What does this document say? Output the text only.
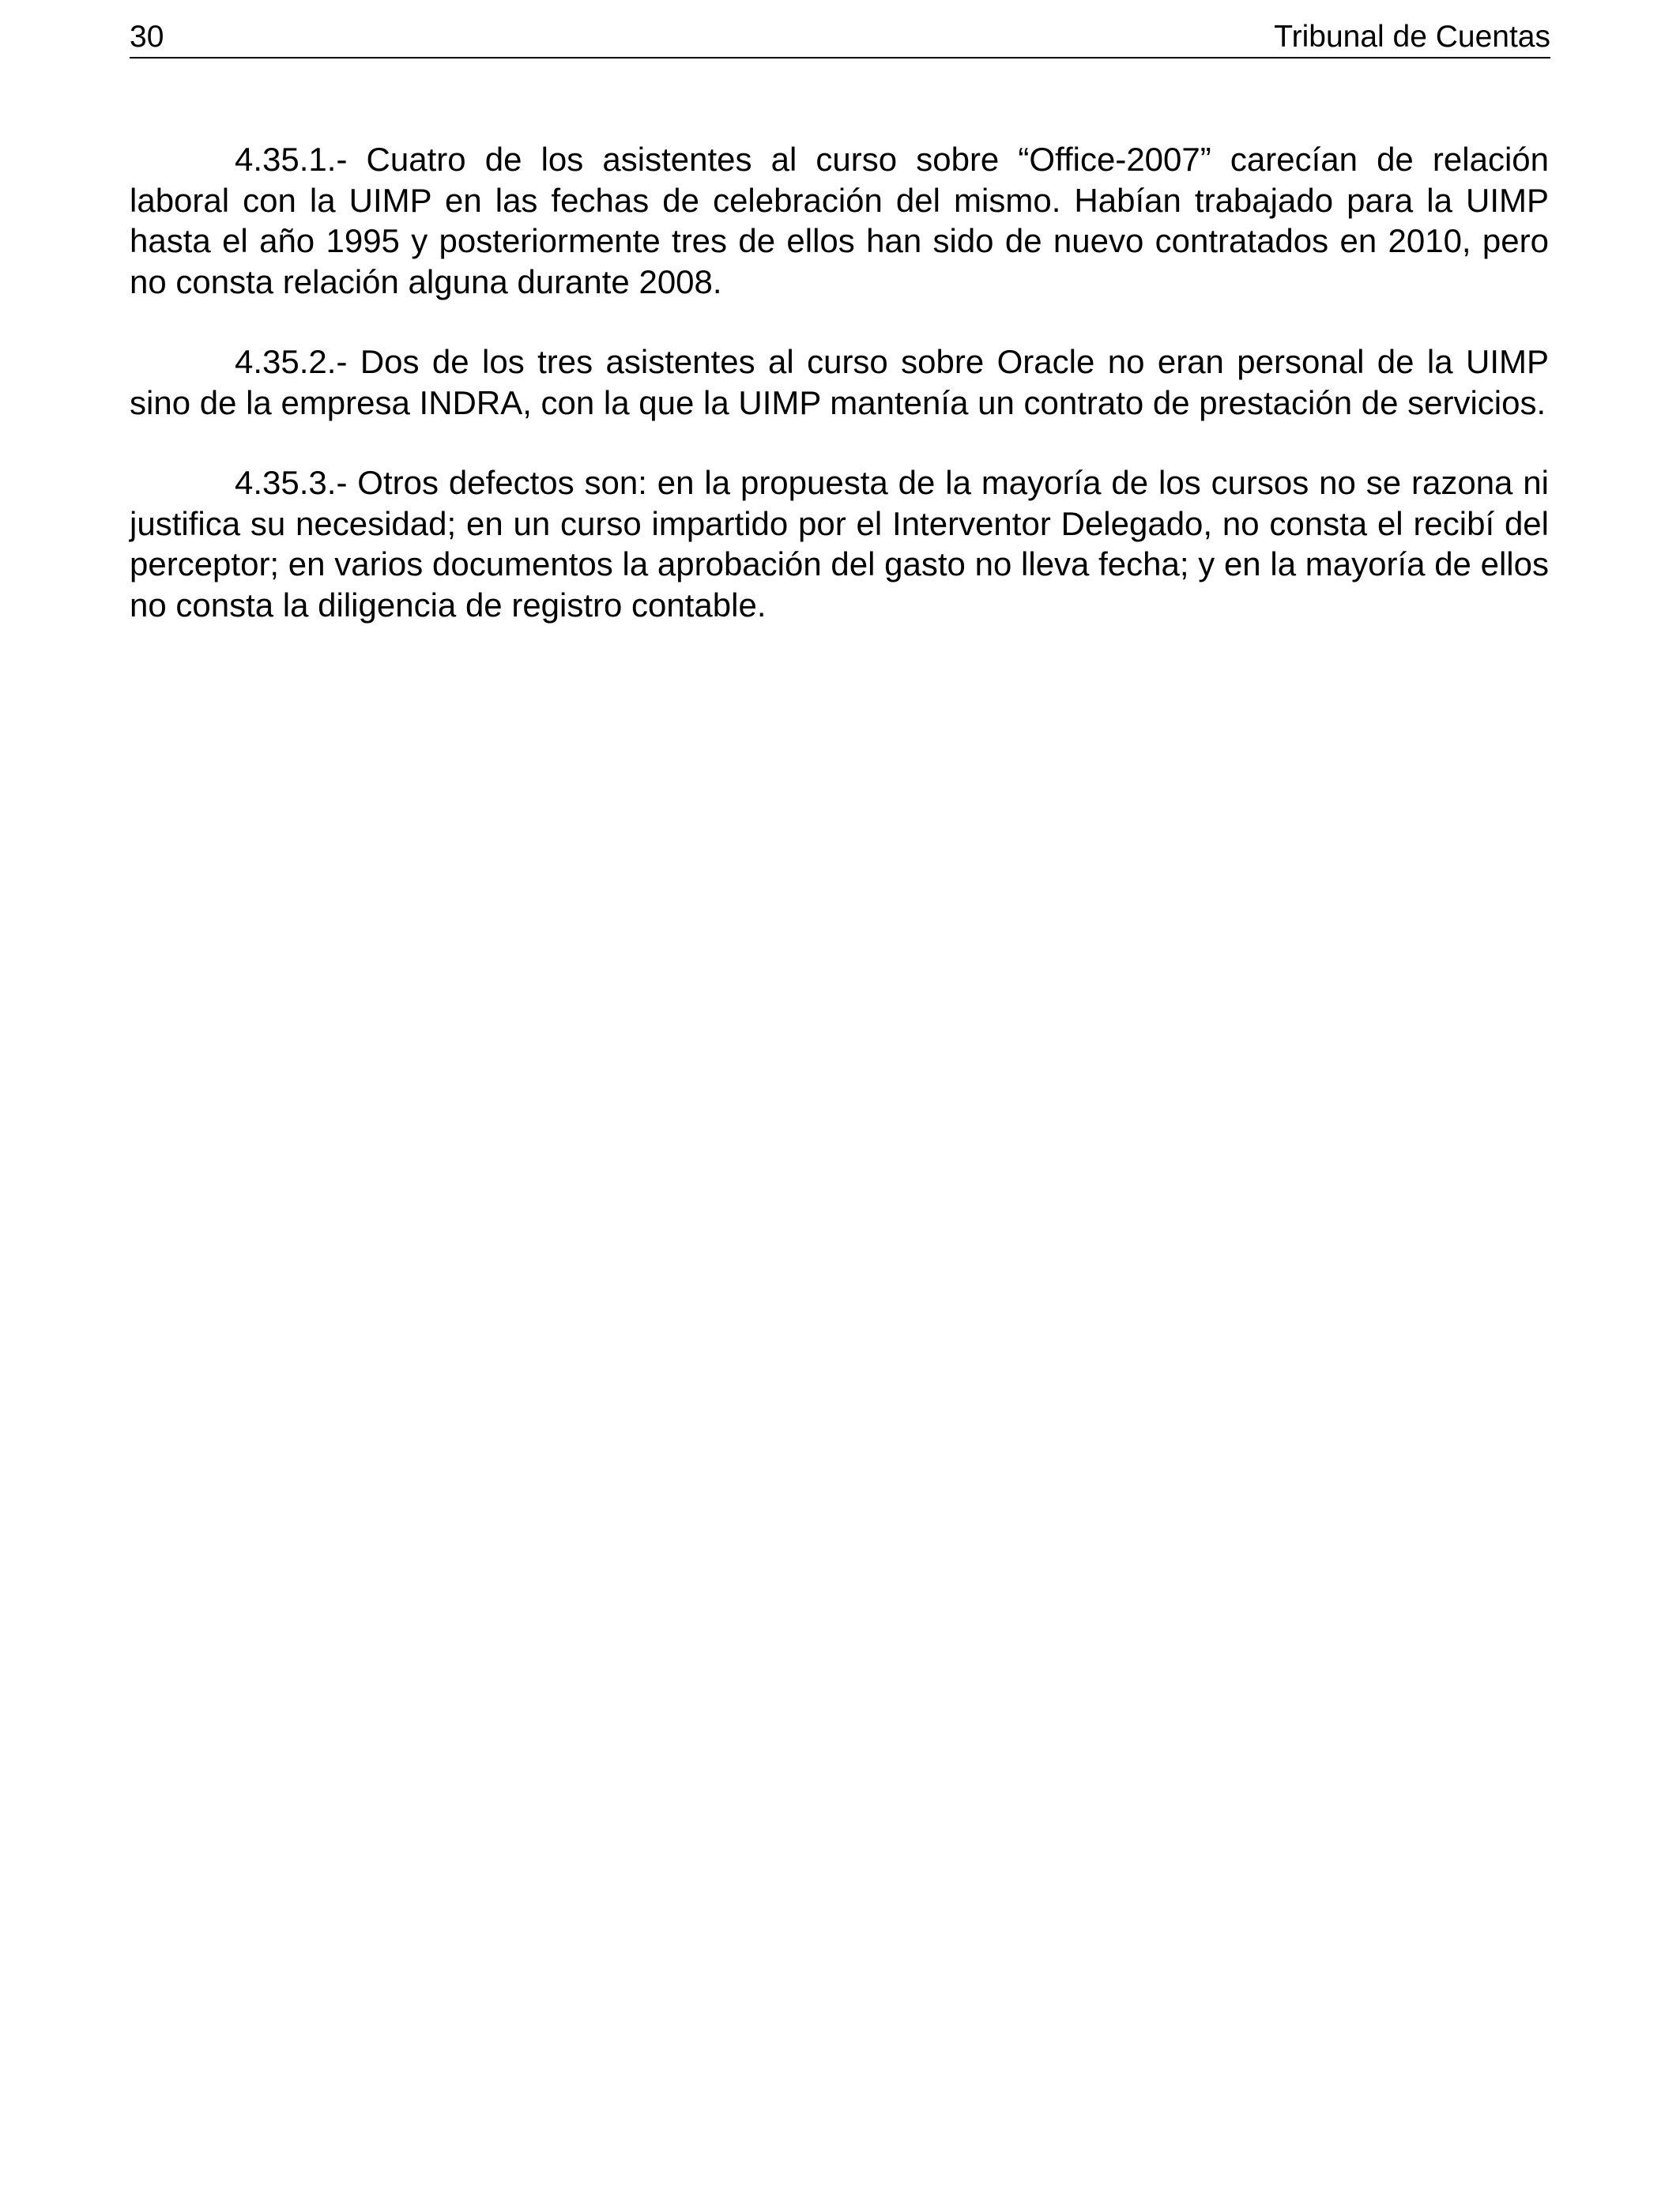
30	Tribunal de Cuentas

4.35.1.- Cuatro de los asistentes al curso sobre “Office-2007” carecían de relación laboral con la UIMP en las fechas de celebración del mismo. Habían trabajado para la UIMP hasta el año 1995 y posteriormente tres de ellos han sido de nuevo contratados en 2010, pero no consta relación alguna durante 2008.

4.35.2.- Dos de los tres asistentes al curso sobre Oracle no eran personal de la UIMP sino de la empresa INDRA, con la que la UIMP mantenía un contrato de prestación de servicios.

4.35.3.- Otros defectos son: en la propuesta de la mayoría de los cursos no se razona ni justifica su necesidad; en un curso impartido por el Interventor Delegado, no consta el recibí del perceptor; en varios documentos la aprobación del gasto no lleva fecha; y en la mayoría de ellos no consta la diligencia de registro contable.
